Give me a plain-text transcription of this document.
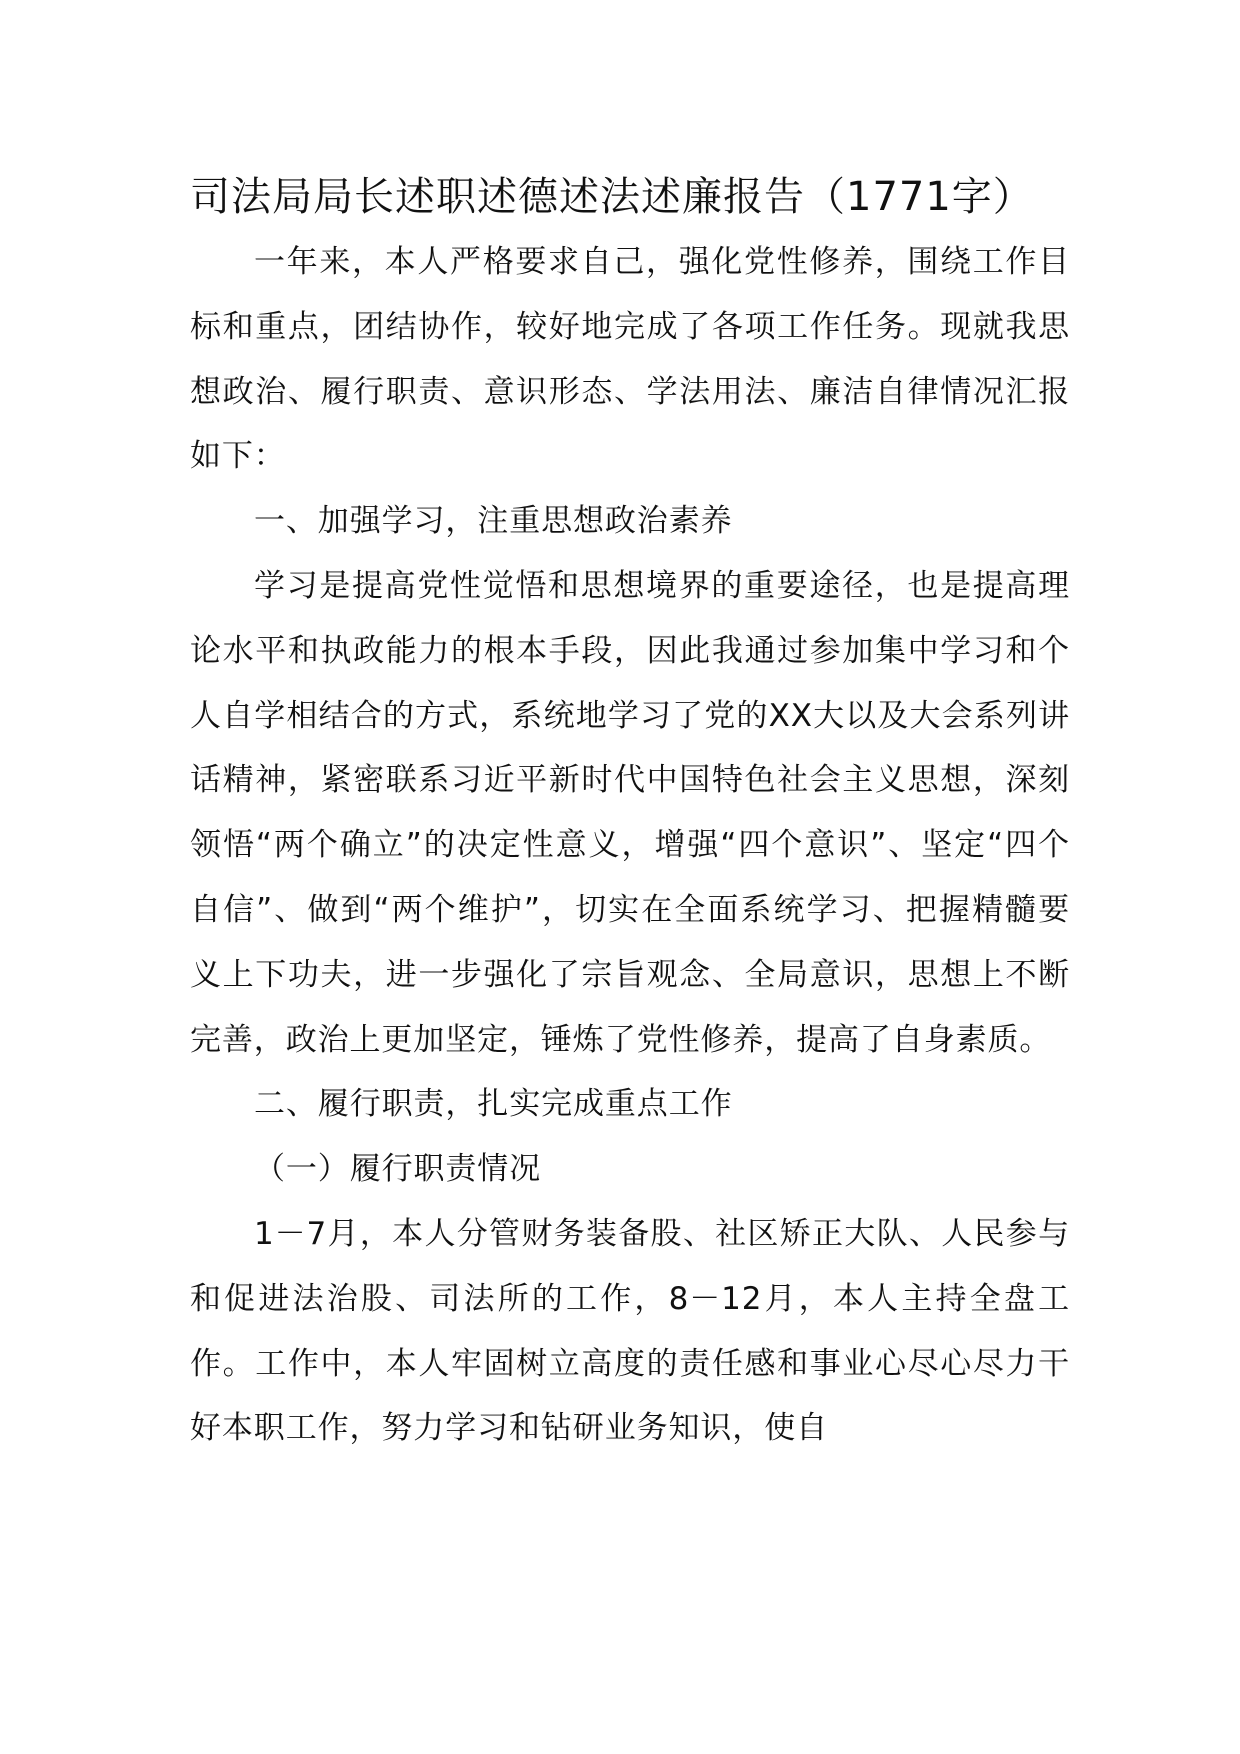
司法局局长述职述德述法述廉报告（1771字）

一年来，本人严格要求自己，强化党性修养，围绕工作目标和重点，团结协作，较好地完成了各项工作任务。现就我思想政治、履行职责、意识形态、学法用法、廉洁自律情况汇报如下：

一、加强学习，注重思想政治素养

学习是提高党性觉悟和思想境界的重要途径，也是提高理论水平和执政能力的根本手段，因此我通过参加集中学习和个人自学相结合的方式，系统地学习了党的XX大以及大会系列讲话精神，紧密联系习近平新时代中国特色社会主义思想，深刻领悟“两个确立”的决定性意义，增强“四个意识”、坚定“四个自信”、做到“两个维护”，切实在全面系统学习、把握精髓要义上下功夫，进一步强化了宗旨观念、全局意识，思想上不断完善，政治上更加坚定，锤炼了党性修养，提高了自身素质。

二、履行职责，扎实完成重点工作

（一）履行职责情况

1－7月，本人分管财务装备股、社区矫正大队、人民参与和促进法治股、司法所的工作，8－12月，本人主持全盘工作。工作中，本人牢固树立高度的责任感和事业心尽心尽力干好本职工作，努力学习和钻研业务知识，使自
